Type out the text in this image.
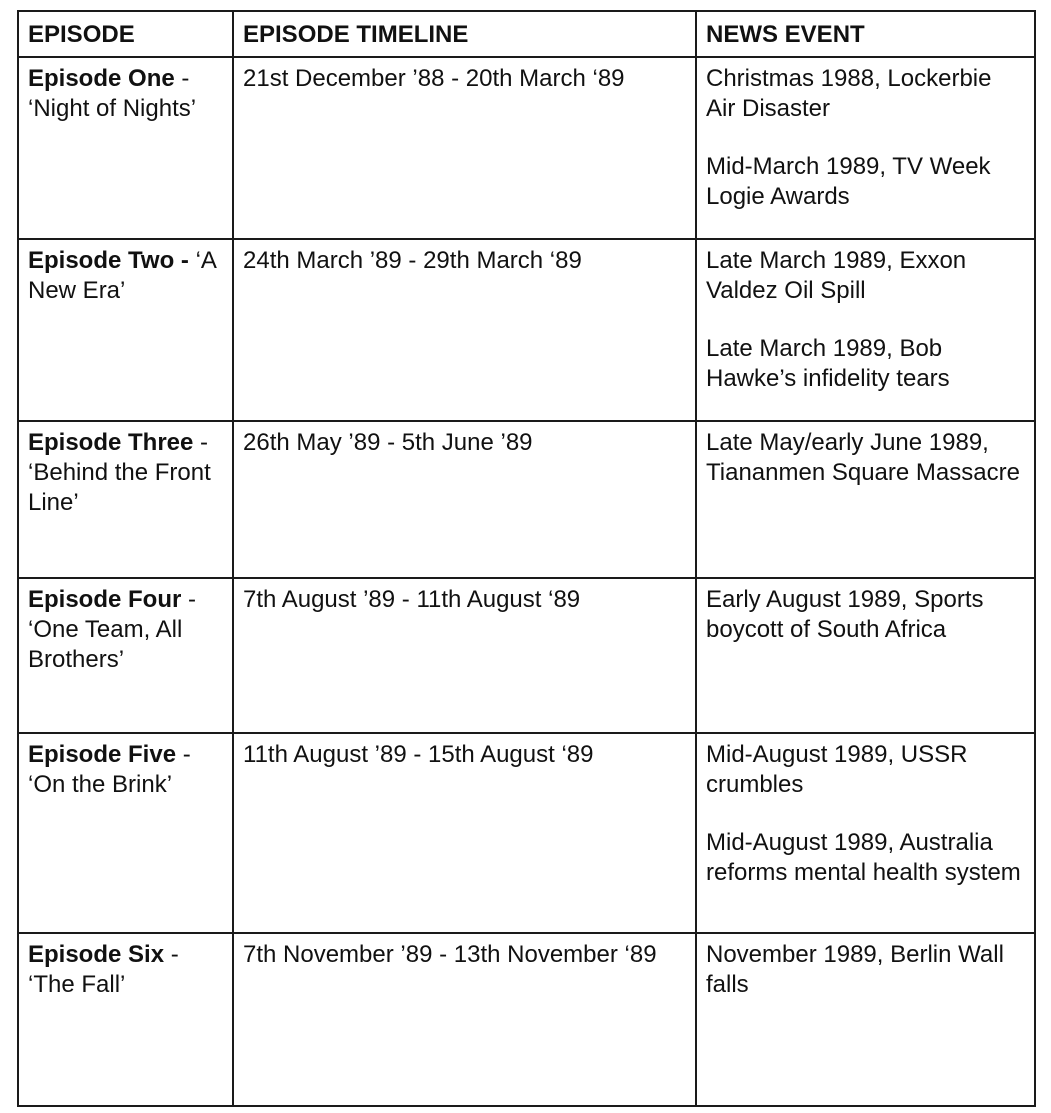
EPISODE	EPISODE TIMELINE	NEWS EVENT
Episode One - ‘Night of Nights’	21st December ’88 - 20th March ‘89	Christmas 1988, Lockerbie Air Disaster
Mid-March 1989, TV Week Logie Awards

Episode Two - ‘A New Era’	24th March ’89 - 29th March ‘89	Late March 1989, Exxon Valdez Oil Spill
Late March 1989, Bob Hawke’s infidelity tears

Episode Three - ‘Behind the Front Line’	26th May ’89 - 5th June ’89	Late May/early June 1989, Tiananmen Square Massacre

Episode Four - ‘One Team, All Brothers’	7th August ’89 - 11th August ‘89	Early August 1989, Sports boycott of South Africa

Episode Five - ‘On the Brink’	11th August ’89 - 15th August ‘89	Mid-August 1989, USSR crumbles
Mid-August 1989, Australia reforms mental health system

Episode Six - ‘The Fall’	7th November ’89 - 13th November ‘89	November 1989, Berlin Wall falls
